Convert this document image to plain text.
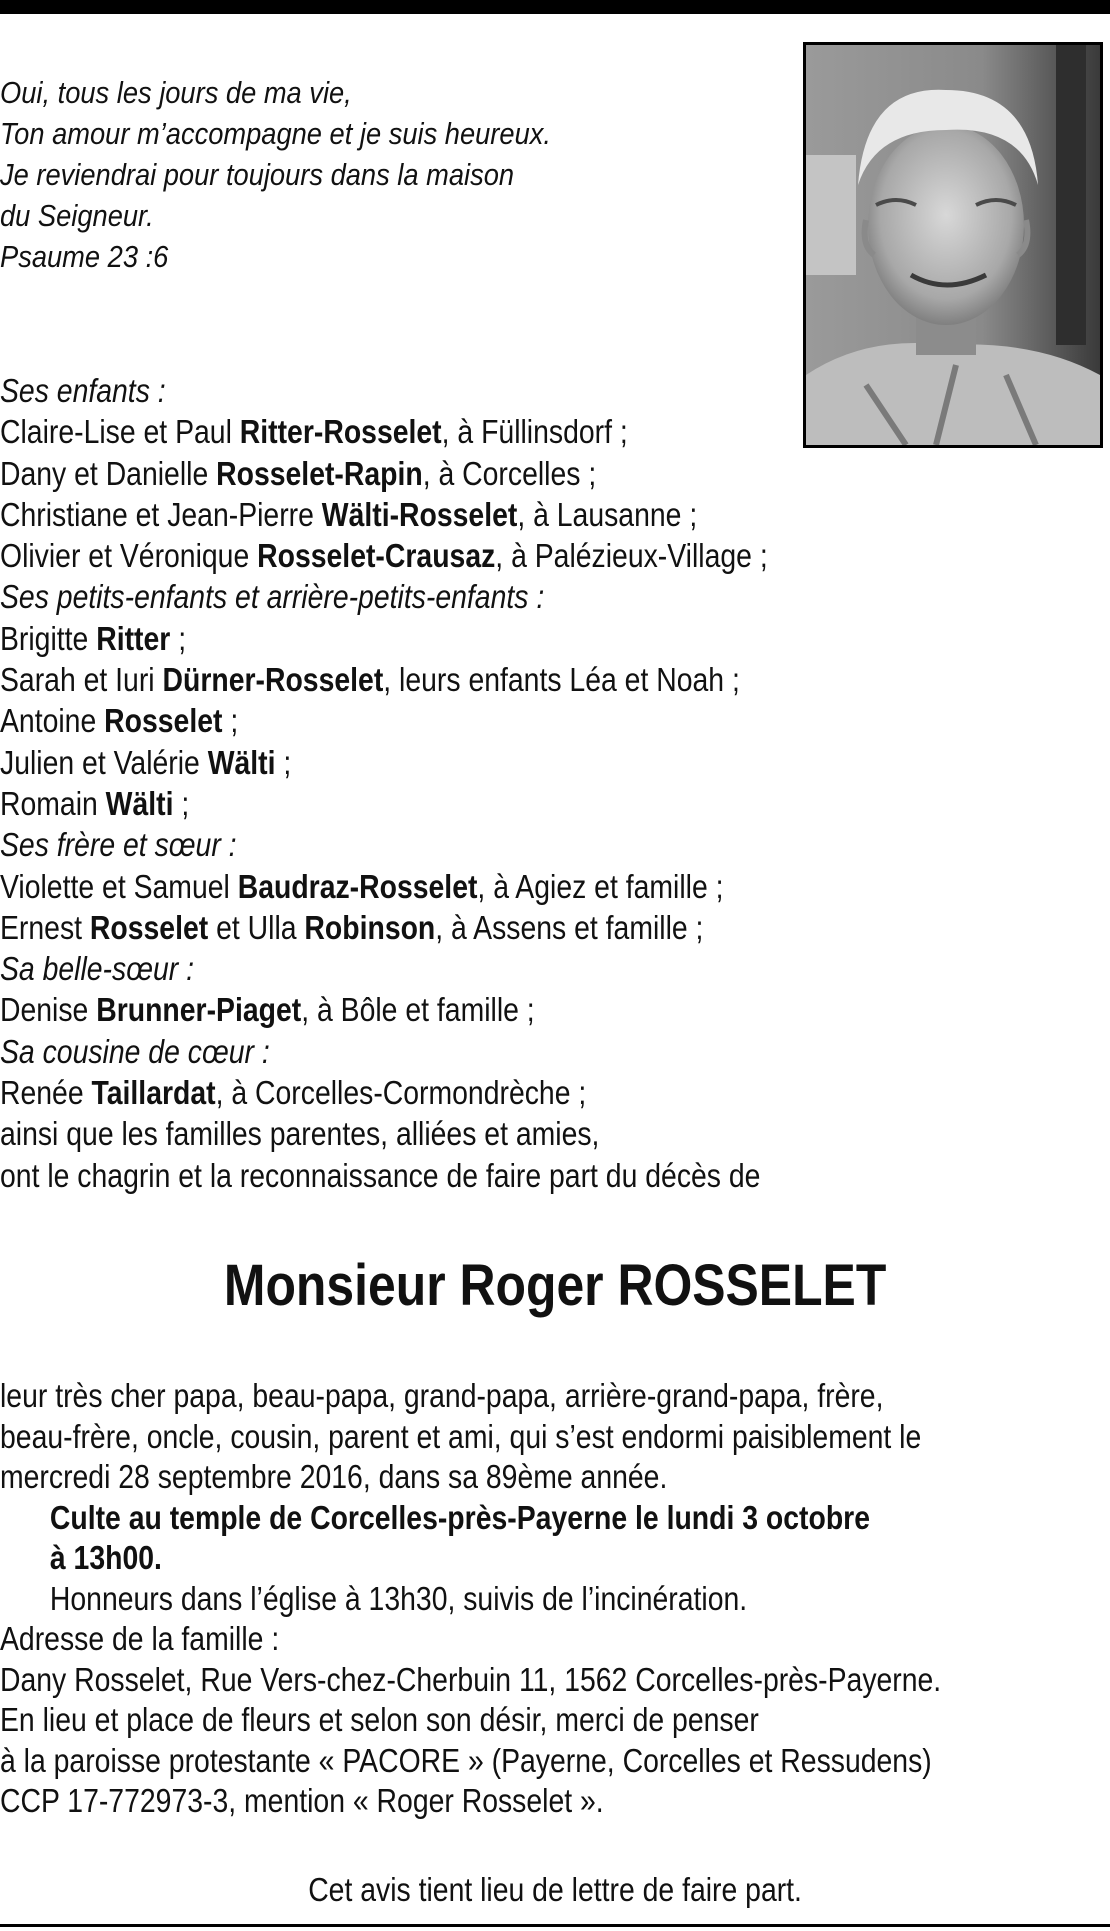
Oui, tous les jours de ma vie,
Ton amour m’accompagne et je suis heureux.
Je reviendrai pour toujours dans la maison
du Seigneur.
Psaume 23 :6
Ses enfants :
Claire-Lise et Paul Ritter-Rosselet, à Füllinsdorf ;
Dany et Danielle Rosselet-Rapin, à Corcelles ;
Christiane et Jean-Pierre Wälti-Rosselet, à Lausanne ;
Olivier et Véronique Rosselet-Crausaz, à Palézieux-Village ;
Ses petits-enfants et arrière-petits-enfants :
Brigitte Ritter ;
Sarah et Iuri Dürner-Rosselet, leurs enfants Léa et Noah ;
Antoine Rosselet ;
Julien et Valérie Wälti ;
Romain Wälti ;
Ses frère et sœur :
Violette et Samuel Baudraz-Rosselet, à Agiez et famille ;
Ernest Rosselet et Ulla Robinson, à Assens et famille ;
Sa belle-sœur :
Denise Brunner-Piaget, à Bôle et famille ;
Sa cousine de cœur :
Renée Taillardat, à Corcelles-Cormondrèche ;
ainsi que les familles parentes, alliées et amies,
ont le chagrin et la reconnaissance de faire part du décès de
Monsieur Roger ROSSELET
leur très cher papa, beau-papa, grand-papa, arrière-grand-papa, frère,
beau-frère, oncle, cousin, parent et ami, qui s’est endormi paisiblement le
mercredi 28 septembre 2016, dans sa 89ème année.
Culte au temple de Corcelles-près-Payerne le lundi 3 octobre
à 13h00.
Honneurs dans l’église à 13h30, suivis de l’incinération.
Adresse de la famille :
Dany Rosselet, Rue Vers-chez-Cherbuin 11, 1562 Corcelles-près-Payerne.
En lieu et place de fleurs et selon son désir, merci de penser
à la paroisse protestante « PACORE » (Payerne, Corcelles et Ressudens)
CCP 17-772973-3, mention « Roger Rosselet ».
Cet avis tient lieu de lettre de faire part.
